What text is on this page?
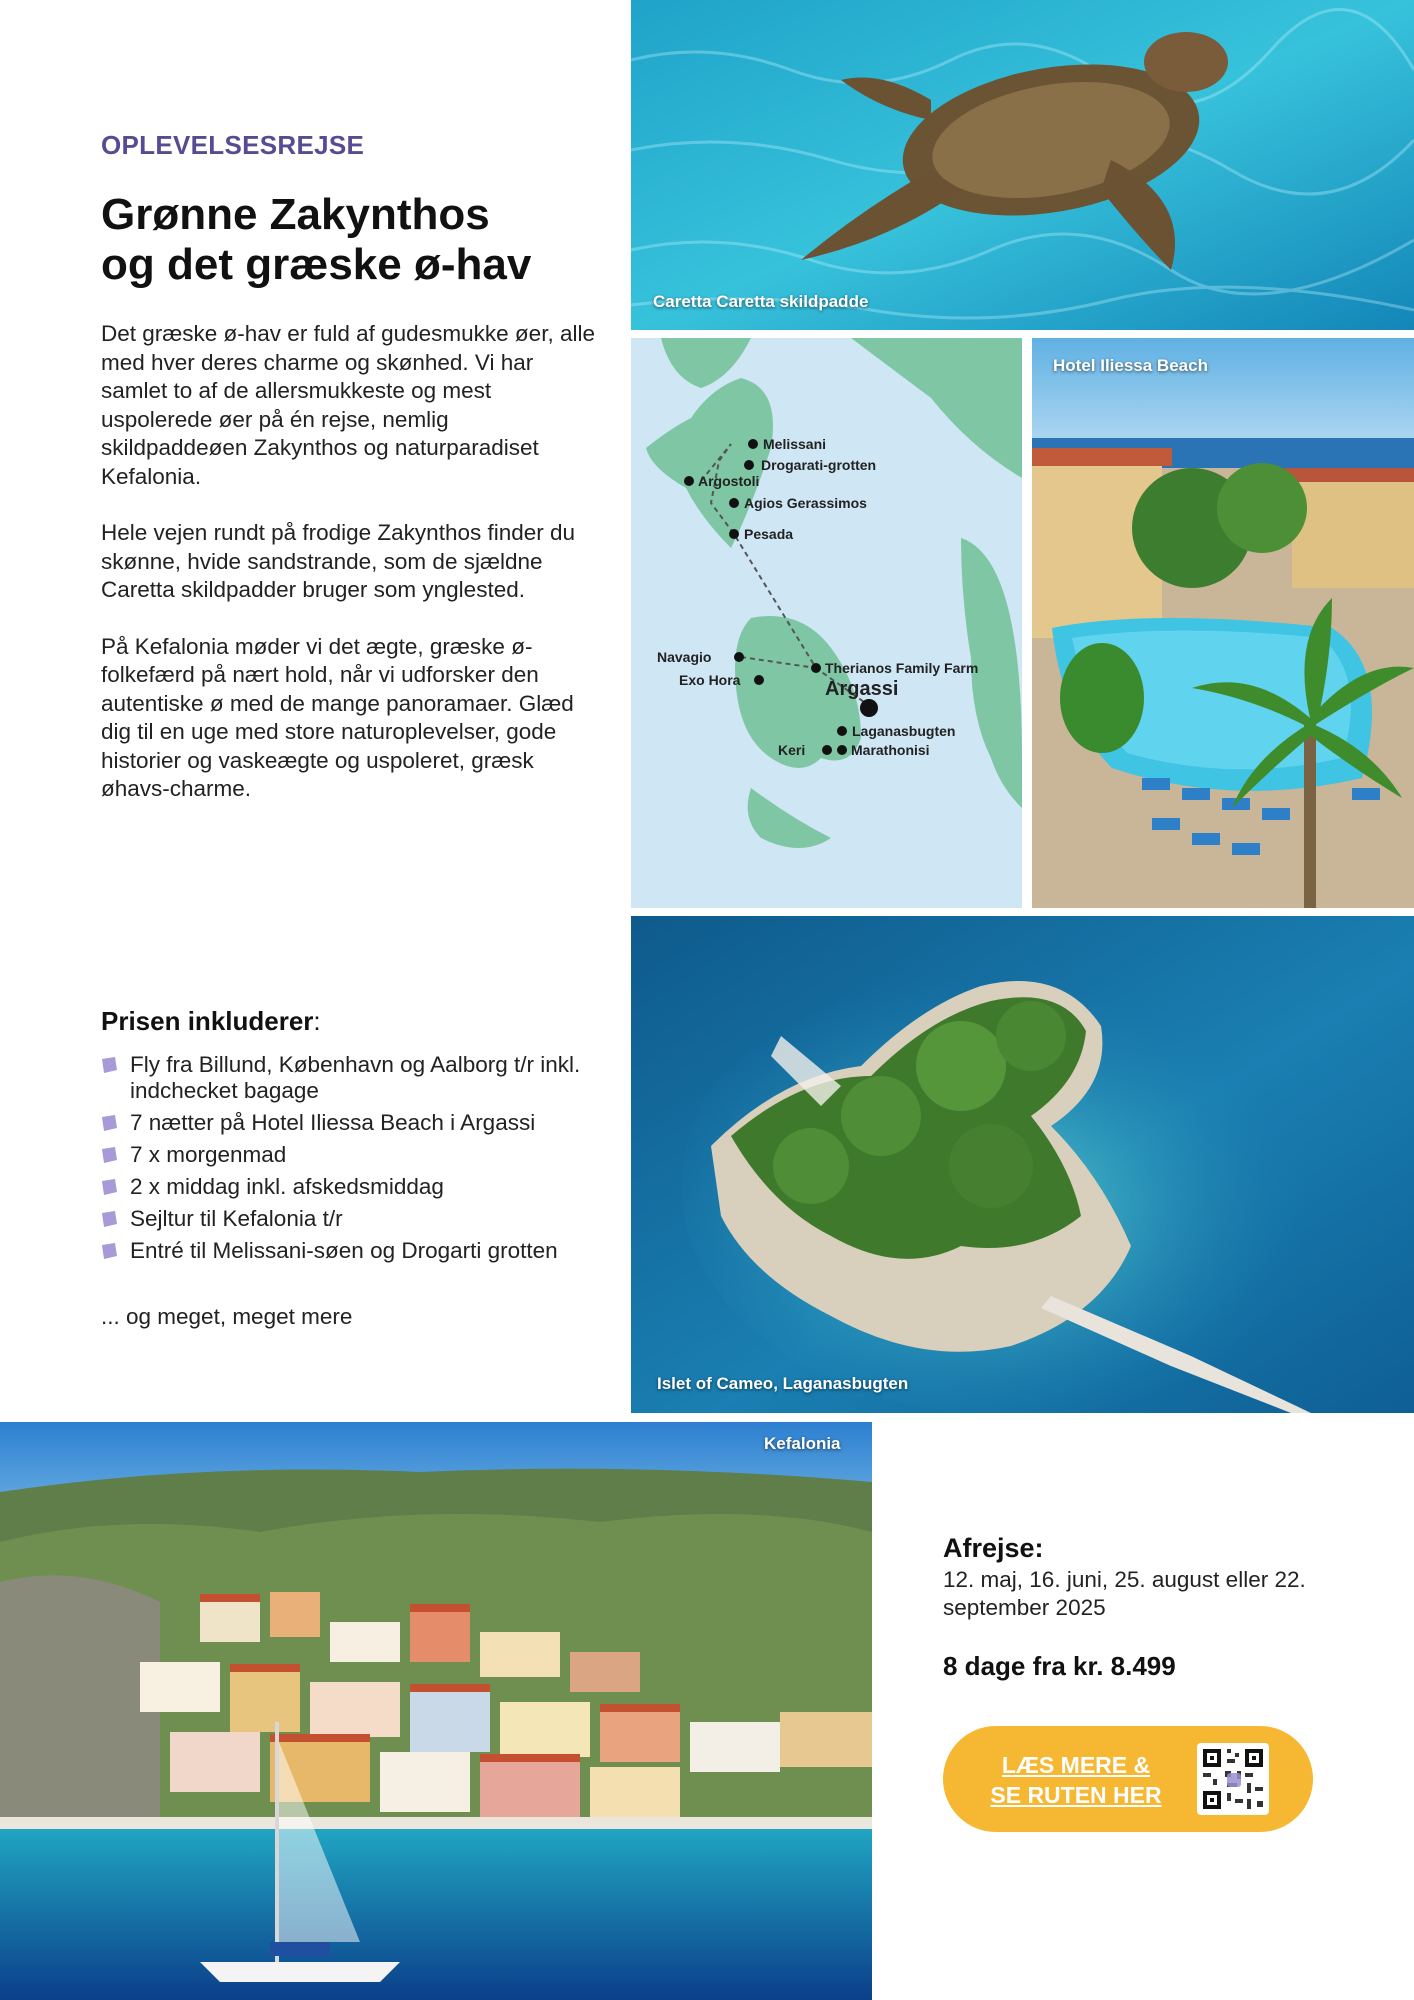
OPLEVELSESREJSE
Grønne Zakynthos
og det græske ø-hav

Det græske ø-hav er fuld af gudesmukke øer, alle med hver deres charme og skønhed. Vi har samlet to af de allersmukkeste og mest uspolerede øer på én rejse, nemlig skildpaddeøen Zakynthos og naturparadiset Kefalonia.

Hele vejen rundt på frodige Zakynthos finder du skønne, hvide sandstrande, som de sjældne Caretta skildpadder bruger som ynglested.

På Kefalonia møder vi det ægte, græske ø-folkefærd på nært hold, når vi udforsker den autentiske ø med de mange panoramaer. Glæd dig til en uge med store naturoplevelser, gode historier og vaskeægte og uspoleret, græsk øhavs-charme.

Prisen inkluderer:
Fly fra Billund, København og Aalborg t/r inkl. indchecket bagage
7 nætter på Hotel Iliessa Beach i Argassi
7 x morgenmad
2 x middag inkl. afskedsmiddag
Sejltur til Kefalonia t/r
Entré til Melissani-søen og Drogarti grotten
... og meget, meget mere
Caretta Caretta skildpadde
Melissani
Drogarati-grotten
Argostoli
Agios Gerassimos
Pesada
Navagio
Exo Hora
Therianos Family Farm
Argassi
Laganasbugten
Keri	Marathonisi
Hotel Iliessa Beach
Islet of Cameo, Laganasbugten
Kefalonia
Afrejse:
12. maj, 16. juni, 25. august eller 22. september 2025
8 dage fra kr. 8.499
LÆS MERE &
SE RUTEN HER
